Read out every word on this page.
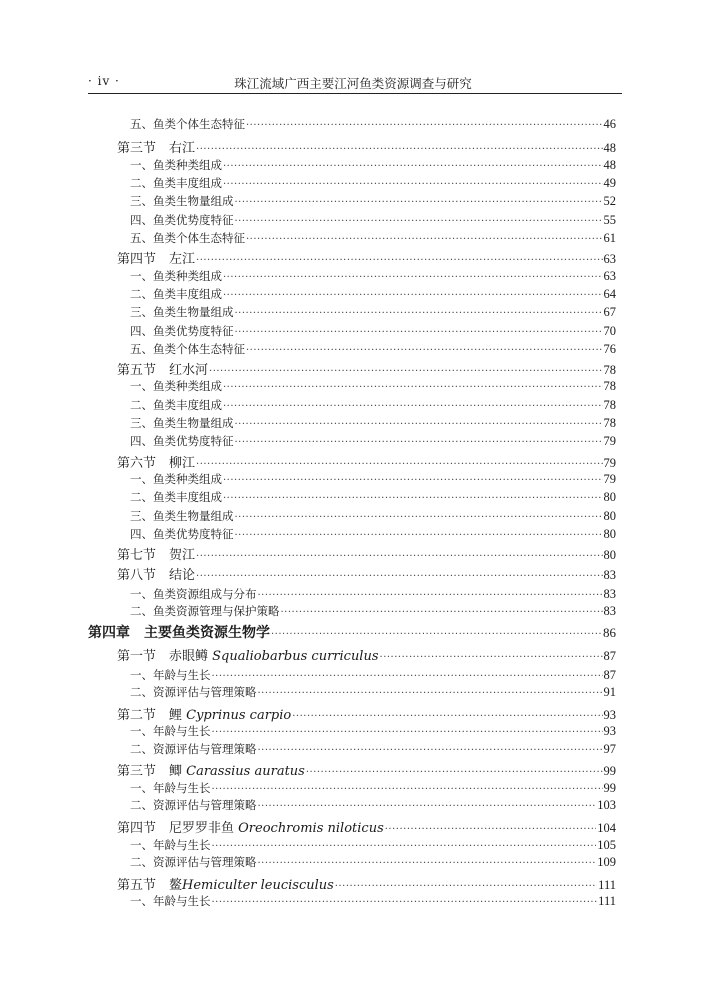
· iv ·	珠江流域广西主要江河鱼类资源调查与研究
五、鱼类个体生态特征 ·····	46
第三节　右江 ·····	48
一、鱼类种类组成 ·····	48
二、鱼类丰度组成 ·····	49
三、鱼类生物量组成 ·····	52
四、鱼类优势度特征 ·····	55
五、鱼类个体生态特征 ·····	61
第四节　左江 ·····	63
一、鱼类种类组成 ·····	63
二、鱼类丰度组成 ·····	64
三、鱼类生物量组成 ·····	67
四、鱼类优势度特征 ·····	70
五、鱼类个体生态特征 ·····	76
第五节　红水河 ·····	78
一、鱼类种类组成 ·····	78
二、鱼类丰度组成 ·····	78
三、鱼类生物量组成 ·····	78
四、鱼类优势度特征 ·····	79
第六节　柳江 ·····	79
一、鱼类种类组成 ·····	79
二、鱼类丰度组成 ·····	80
三、鱼类生物量组成 ·····	80
四、鱼类优势度特征 ·····	80
第七节　贺江 ·····	80
第八节　结论 ·····	83
一、鱼类资源组成与分布 ·····	83
二、鱼类资源管理与保护策略 ·····	83
第四章　主要鱼类资源生物学 ·····	86
第一节　赤眼鳟 Squaliobarbus curriculus ·····	87
一、年龄与生长 ·····	87
二、资源评估与管理策略 ·····	91
第二节　鲤 Cyprinus carpio ·····	93
一、年龄与生长 ·····	93
二、资源评估与管理策略 ·····	97
第三节　鲫 Carassius auratus ·····	99
一、年龄与生长 ·····	99
二、资源评估与管理策略 ·····	103
第四节　尼罗罗非鱼 Oreochromis niloticus ·····	104
一、年龄与生长 ·····	105
二、资源评估与管理策略 ·····	109
第五节　鳌Hemiculter leucisculus ·····	111
一、年龄与生长 ·····	111
